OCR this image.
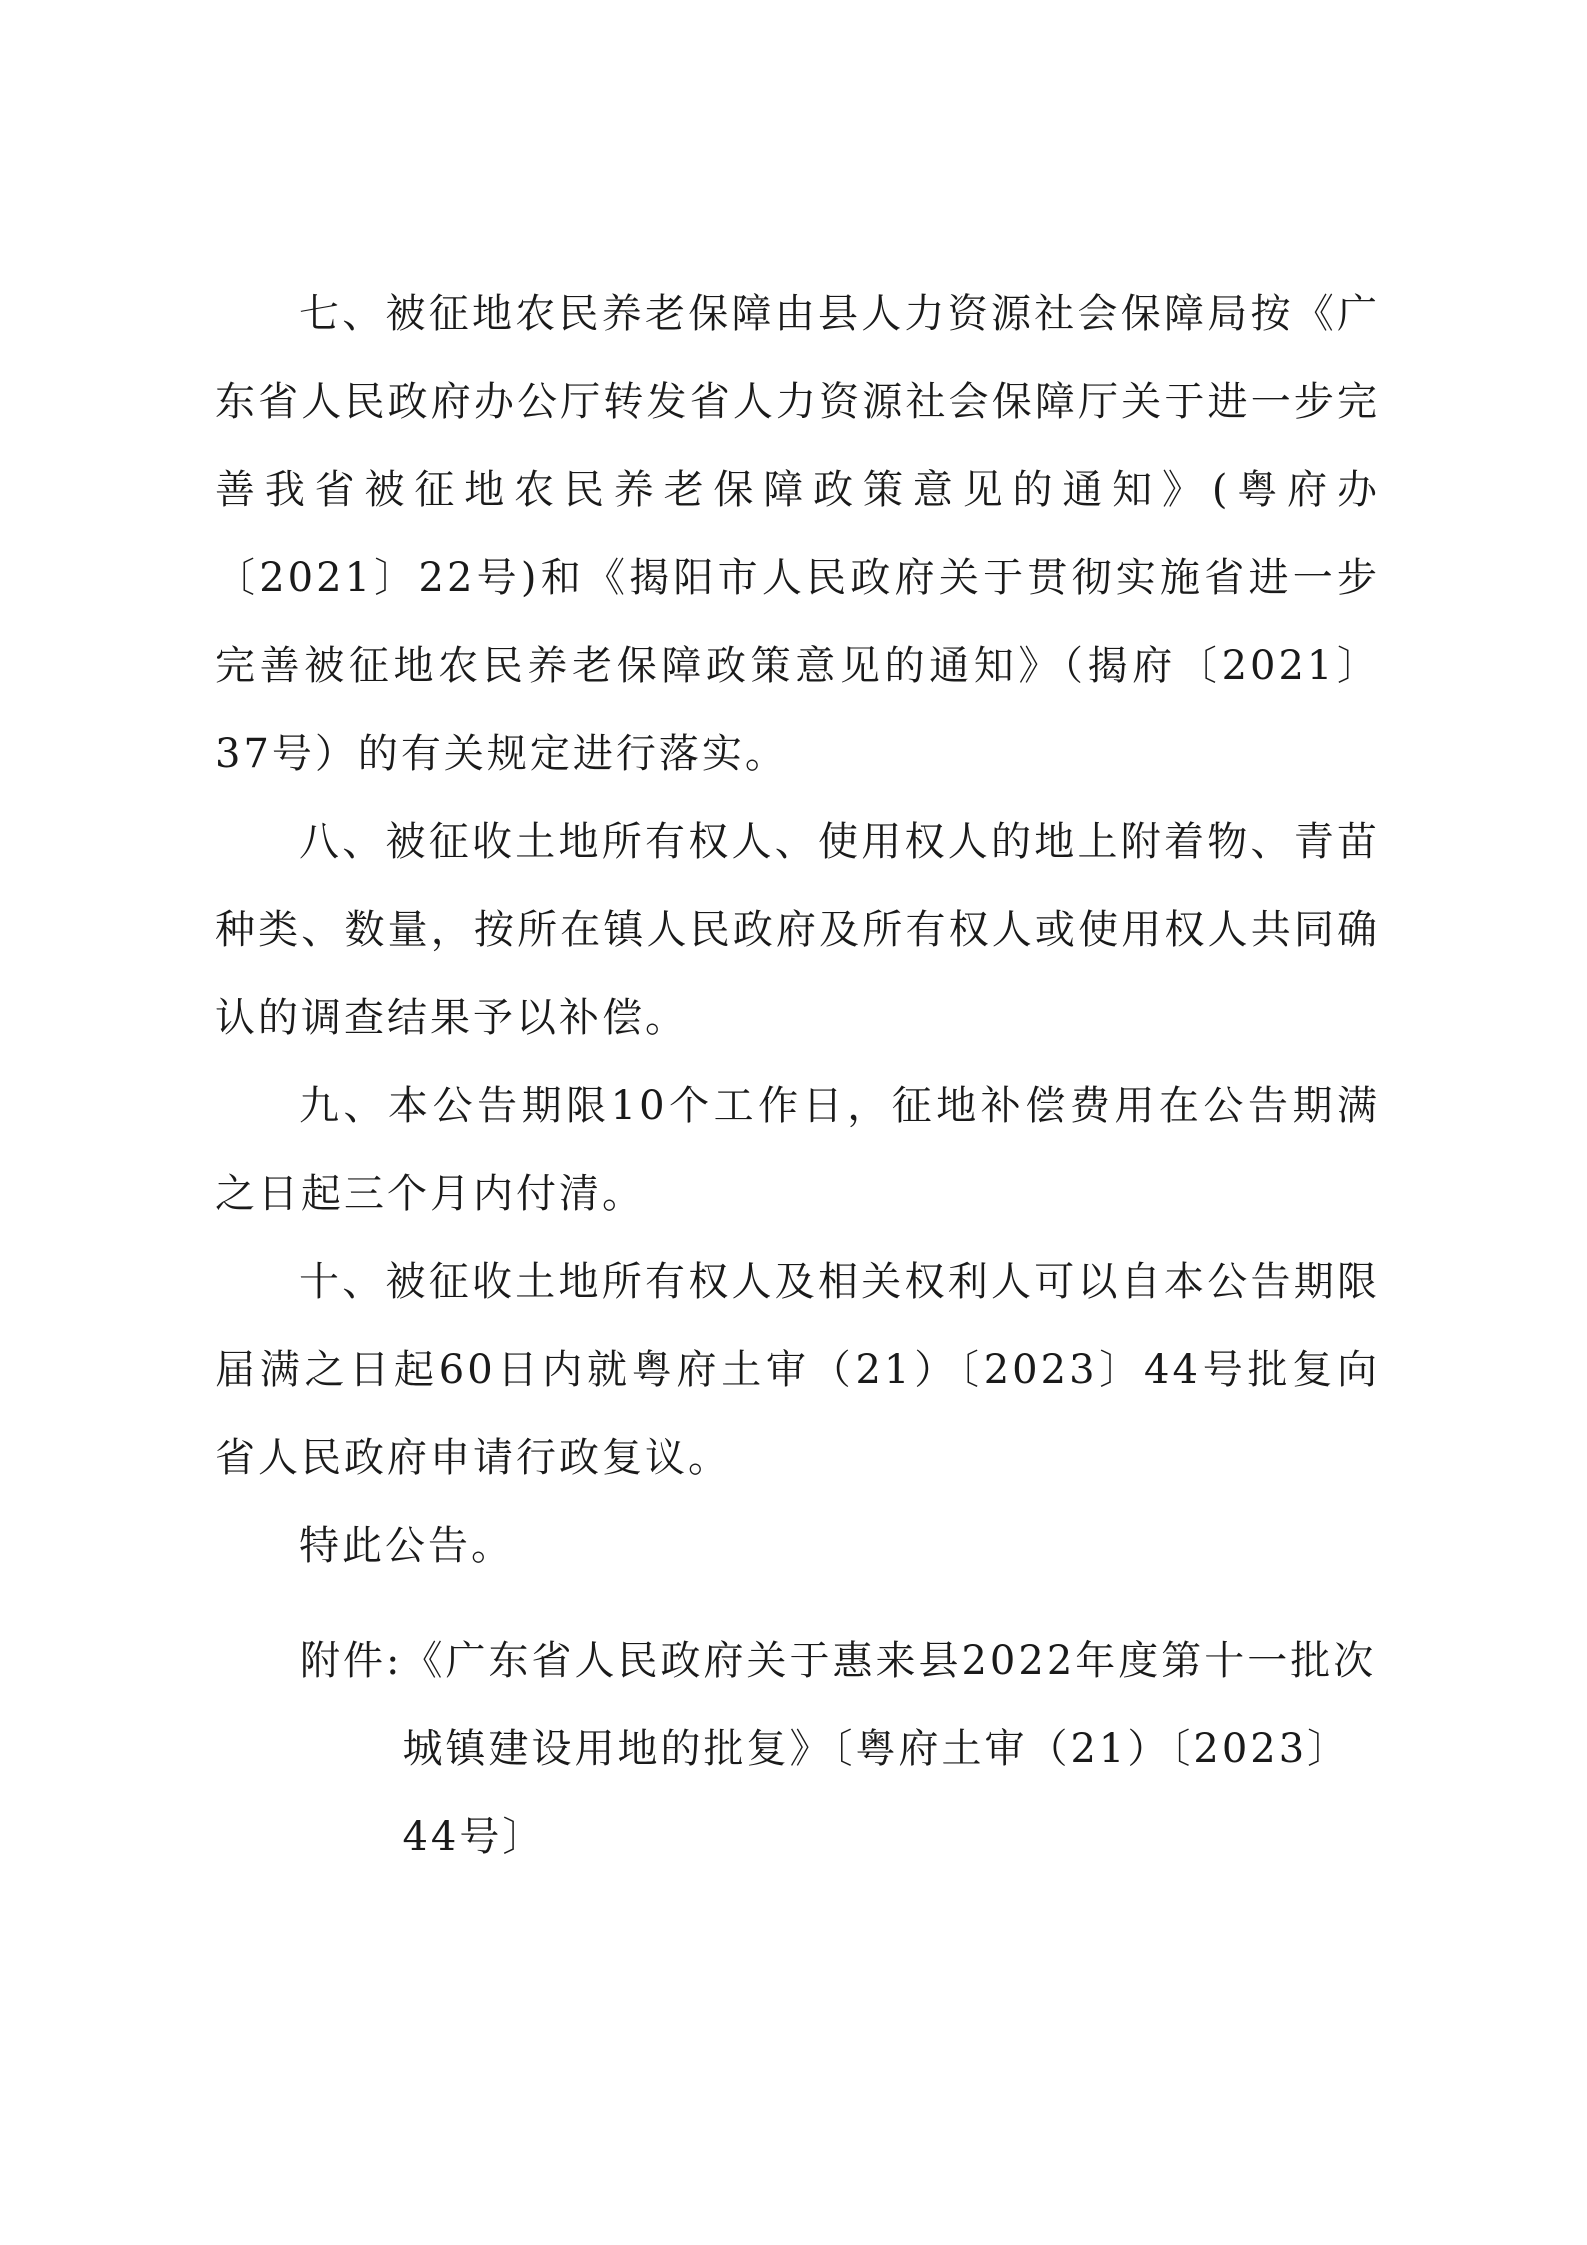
七、被征地农民养老保障由县人力资源社会保障局按《广东省人民政府办公厅转发省人力资源社会保障厅关于进一步完善我省被征地农民养老保障政策意见的通知》(粤府办〔2021〕22号)和《揭阳市人民政府关于贯彻实施省进一步完善被征地农民养老保障政策意见的通知》（揭府〔2021〕37号）的有关规定进行落实。

八、被征收土地所有权人、使用权人的地上附着物、青苗种类、数量，按所在镇人民政府及所有权人或使用权人共同确认的调查结果予以补偿。

九、本公告期限10个工作日，征地补偿费用在公告期满之日起三个月内付清。

十、被征收土地所有权人及相关权利人可以自本公告期限届满之日起60日内就粤府土审（21）〔2023〕44号批复向省人民政府申请行政复议。

特此公告。

附件: 《广东省人民政府关于惠来县2022年度第十一批次城镇建设用地的批复》〔粤府土审（21）〔2023〕44号〕
